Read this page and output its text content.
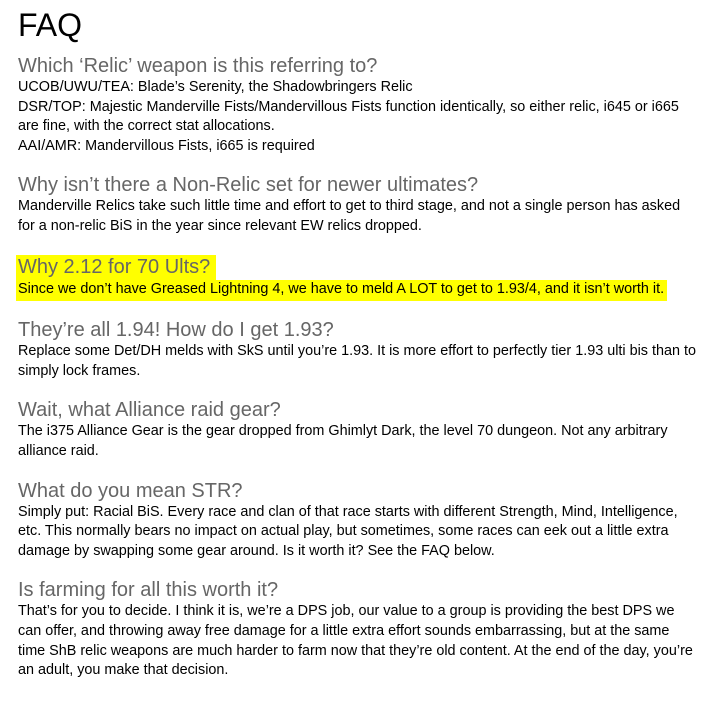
FAQ
Which ‘Relic’ weapon is this referring to?
UCOB/UWU/TEA: Blade’s Serenity, the Shadowbringers Relic
DSR/TOP: Majestic Manderville Fists/Mandervillous Fists function identically, so either relic, i645 or i665
are fine, with the correct stat allocations.
AAI/AMR: Mandervillous Fists, i665 is required
Why isn’t there a Non-Relic set for newer ultimates?
Manderville Relics take such little time and effort to get to third stage, and not a single person has asked
for a non-relic BiS in the year since relevant EW relics dropped.
Why 2.12 for 70 Ults?
Since we don’t have Greased Lightning 4, we have to meld A LOT to get to 1.93/4, and it isn’t worth it.
They’re all 1.94! How do I get 1.93?
Replace some Det/DH melds with SkS until you’re 1.93. It is more effort to perfectly tier 1.93 ulti bis than to
simply lock frames.
Wait, what Alliance raid gear?
The i375 Alliance Gear is the gear dropped from Ghimlyt Dark, the level 70 dungeon. Not any arbitrary
alliance raid.
What do you mean STR?
Simply put: Racial BiS. Every race and clan of that race starts with different Strength, Mind, Intelligence,
etc. This normally bears no impact on actual play, but sometimes, some races can eek out a little extra
damage by swapping some gear around. Is it worth it? See the FAQ below.
Is farming for all this worth it?
That’s for you to decide. I think it is, we’re a DPS job, our value to a group is providing the best DPS we
can offer, and throwing away free damage for a little extra effort sounds embarrassing, but at the same
time ShB relic weapons are much harder to farm now that they’re old content. At the end of the day, you’re
an adult, you make that decision.
